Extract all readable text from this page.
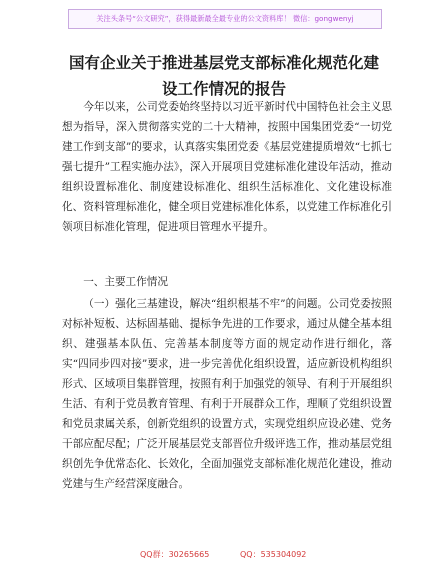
关注头条号“公文研究”，获得最新最全最专业的公文资料库！ 微信：gongwenyj
国有企业关于推进基层党支部标准化规范化建
设工作情况的报告

今年以来，公司党委始终坚持以习近平新时代中国特色社会主义思想为指导，深入贯彻落实党的二十大精神，按照中国集团党委“一切党建工作到支部”的要求，认真落实集团党委《基层党建提质增效“七抓七强七提升”工程实施办法》，深入开展项目党建标准化建设年活动，推动组织设置标准化、制度建设标准化、组织生活标准化、文化建设标准化、资料管理标准化，健全项目党建标准化体系，以党建工作标准化引领项目标准化管理，促进项目管理水平提升。

一、主要工作情况

（一）强化三基建设，解决“组织根基不牢”的问题。公司党委按照对标补短板、达标固基础、提标争先进的工作要求，通过从健全基本组织、建强基本队伍、完善基本制度等方面的规定动作进行细化，落实“四同步四对接”要求，进一步完善优化组织设置，适应新设机构组织形式、区域项目集群管理，按照有利于加强党的领导、有利于开展组织生活、有利于党员教育管理、有利于开展群众工作，理顺了党组织设置和党员隶属关系，创新党组织的设置方式，实现党组织应设必建、党务干部应配尽配；广泛开展基层党支部晋位升级评选工作，推动基层党组织创先争优常态化、长效化，全面加强党支部标准化规范化建设，推动党建与生产经营深度融合。

QQ群：30265665	QQ：535304092
